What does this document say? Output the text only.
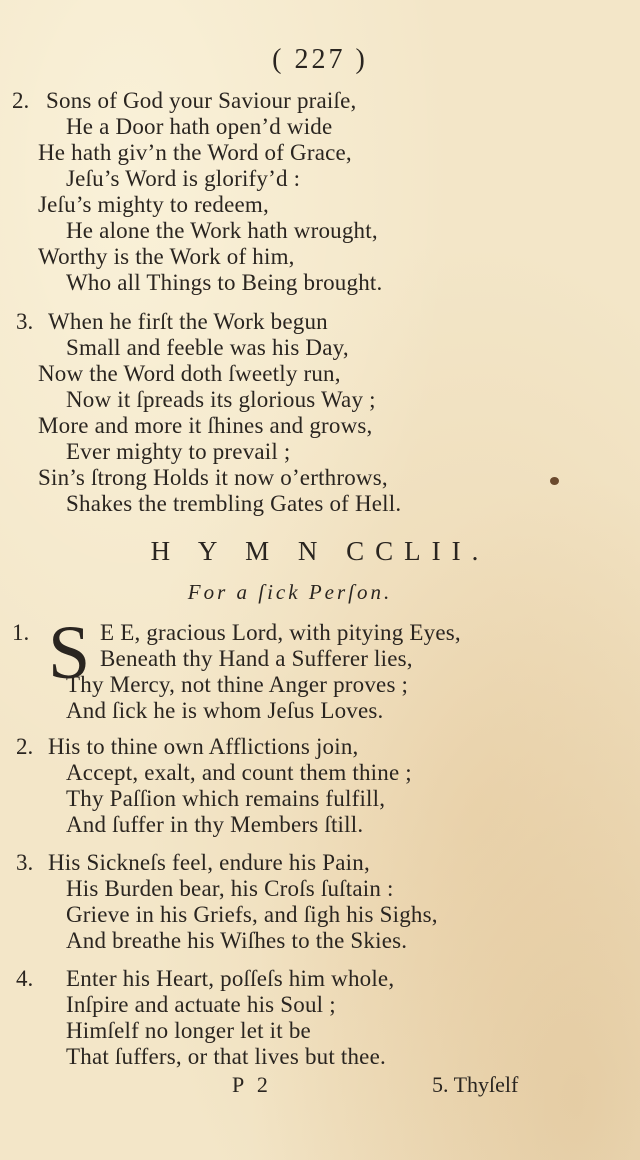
( 227 )
2. Sons of God your Saviour praiſe,
He a Door hath open’d wide
He hath giv’n the Word of Grace,
Jeſu’s Word is glorify’d :
Jeſu’s mighty to redeem,
He alone the Work hath wrought,
Worthy is the Work of him,
Who all Things to Being brought.
3. When he firſt the Work begun
Small and feeble was his Day,
Now the Word doth ſweetly run,
Now it ſpreads its glorious Way ;
More and more it ſhines and grows,
Ever mighty to prevail ;
Sin’s ſtrong Holds it now o’erthrows,
Shakes the trembling Gates of Hell.
H Y M N CCLII.
For a ſick Perſon.
1. S E E, gracious Lord, with pitying Eyes,
Beneath thy Hand a Sufferer lies,
Thy Mercy, not thine Anger proves ;
And ſick he is whom Jeſus Loves.
2. His to thine own Afflictions join,
Accept, exalt, and count them thine ;
Thy Paſſion which remains fulfill,
And ſuffer in thy Members ſtill.
3. His Sickneſs feel, endure his Pain,
His Burden bear, his Croſs ſuſtain :
Grieve in his Griefs, and ſigh his Sighs,
And breathe his Wiſhes to the Skies.
4. Enter his Heart, poſſeſs him whole,
Inſpire and actuate his Soul ;
Himſelf no longer let it be
That ſuffers, or that lives but thee.
P 2	5. Thyſelf
